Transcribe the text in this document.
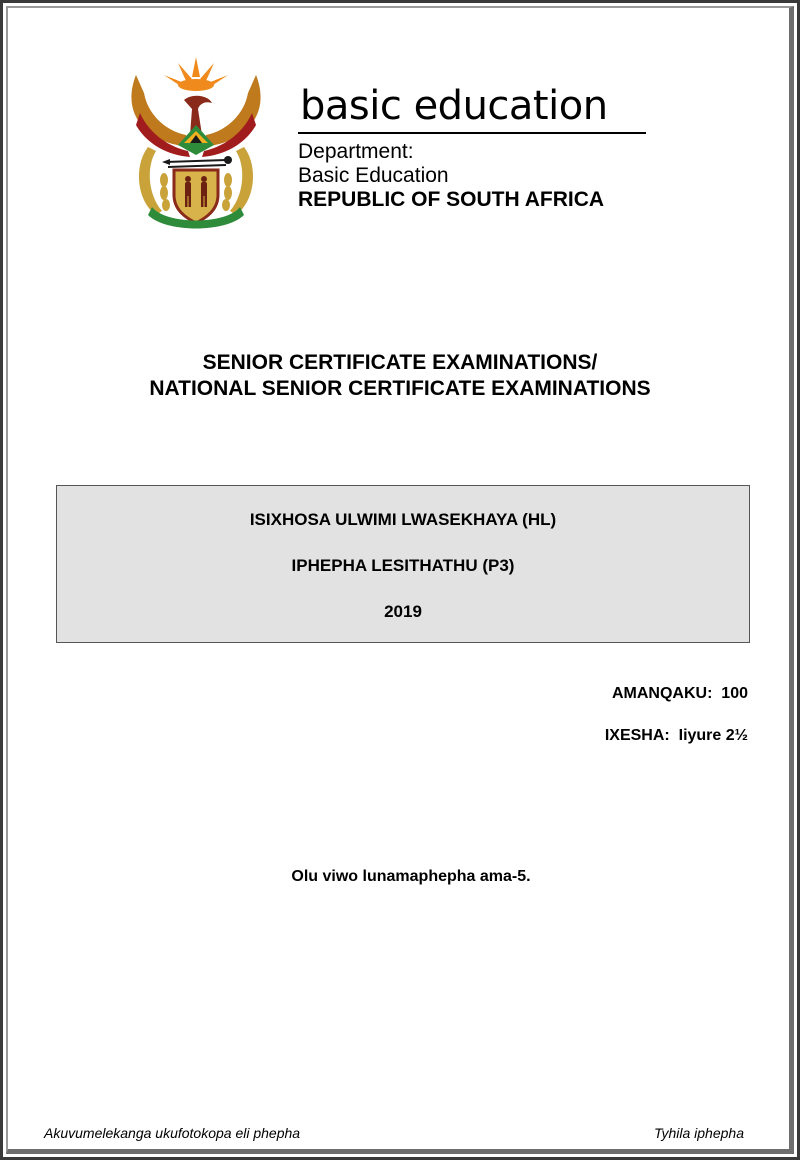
basic education

Department:

Basic Education

REPUBLIC OF SOUTH AFRICA

SENIOR CERTIFICATE EXAMINATIONS/
NATIONAL SENIOR CERTIFICATE EXAMINATIONS
ISIXHOSA ULWIMI LWASEKHAYA (HL)
IPHEPHA LESITHATHU (P3)
2019
AMANQAKU:  100
IXESHA:  Iiyure 2½
Olu viwo lunamaphepha ama-5.
Akuvumelekanga ukufotokopa eli phepha	Tyhila iphepha
